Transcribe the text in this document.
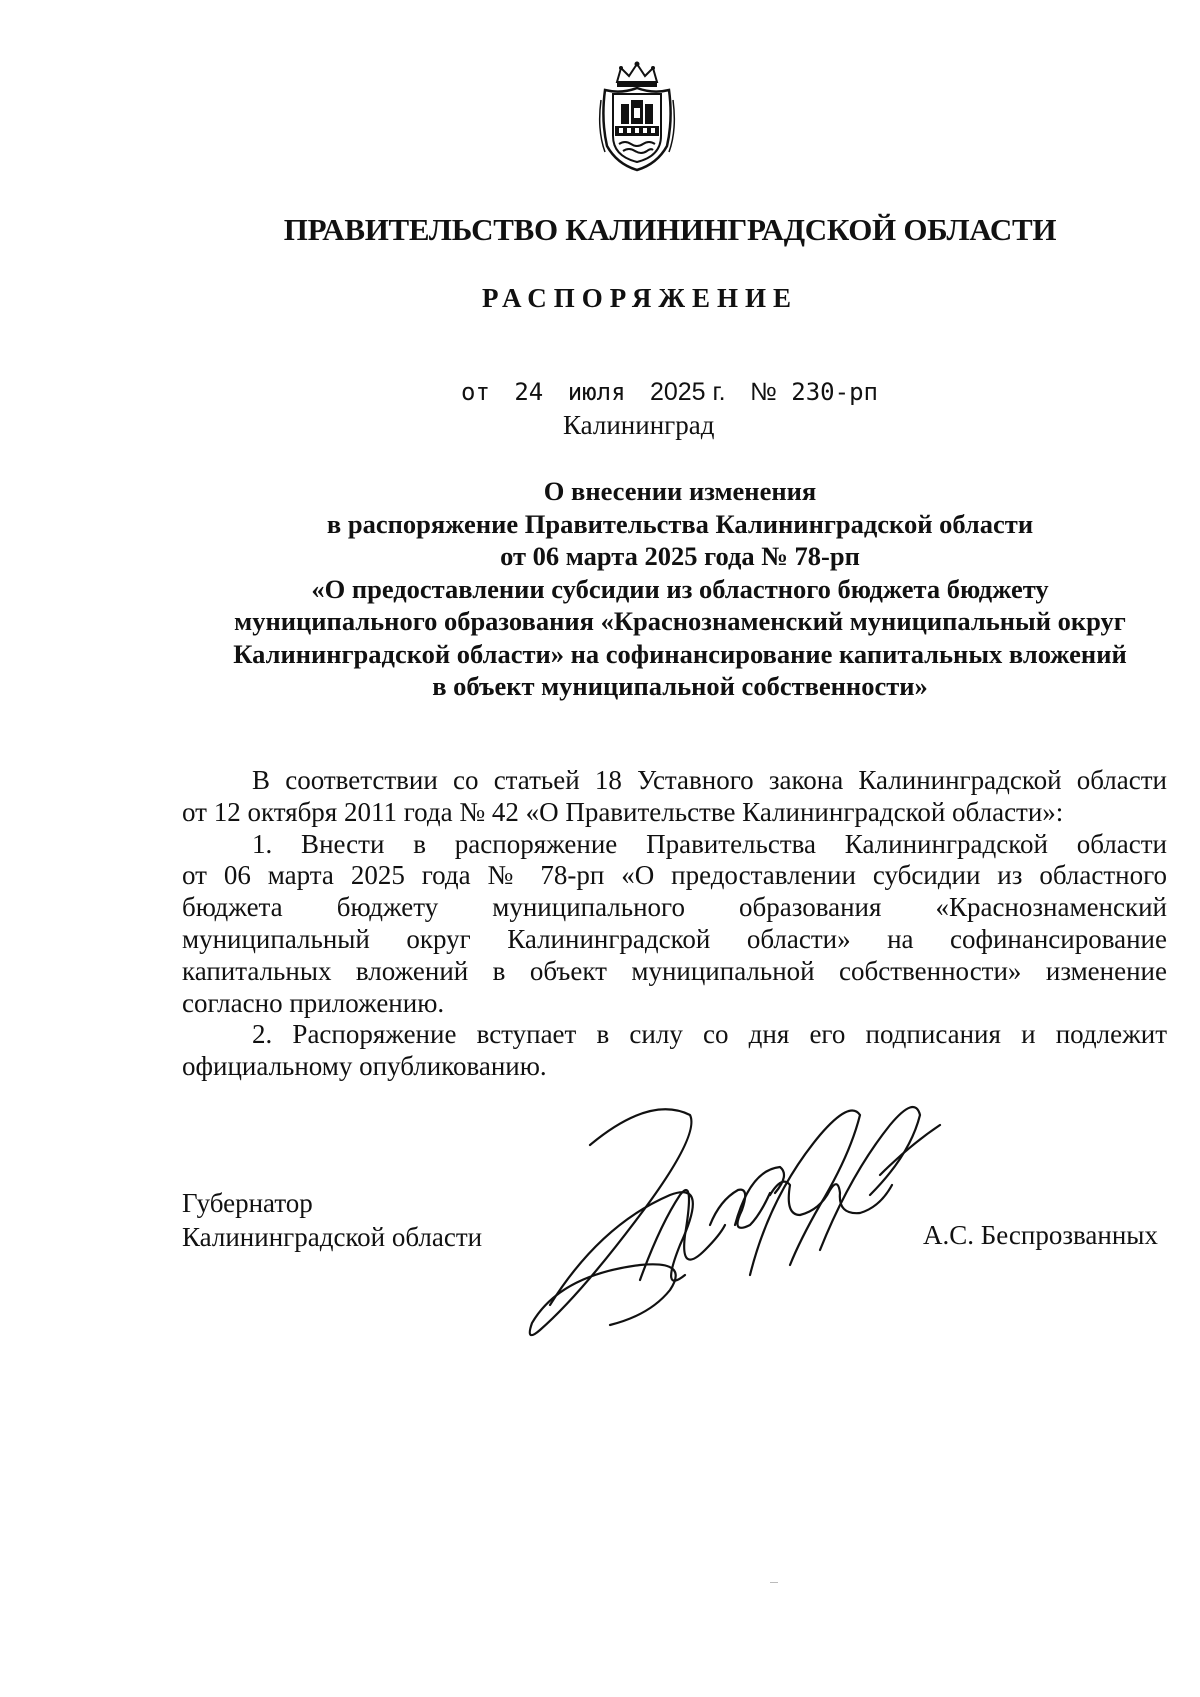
ПРАВИТЕЛЬСТВО КАЛИНИНГРАДСКОЙ ОБЛАСТИ
РАСПОРЯЖЕНИЕ
от 24 июля 2025 г. № 230-рп
Калининград
О внесении изменения
в распоряжение Правительства Калининградской области
от 06 марта 2025 года № 78-рп
«О предоставлении субсидии из областного бюджета бюджету
муниципального образования «Краснознаменский муниципальный округ
Калининградской области» на софинансирование капитальных вложений
в объект муниципальной собственности»

В соответствии со статьей 18 Уставного закона Калининградской области

от 12 октября 2011 года № 42 «О Правительстве Калининградской области»:

1. Внести в распоряжение Правительства Калининградской области

от 06 марта 2025 года № 78-рп «О предоставлении субсидии из областного

бюджета бюджету муниципального образования «Краснознаменский

муниципальный округ Калининградской области» на софинансирование

капитальных вложений в объект муниципальной собственности» изменение

согласно приложению.

2. Распоряжение вступает в силу со дня его подписания и подлежит

официальному опубликованию.

Губернатор
Калининградской области	А.С. Беспрозванных
